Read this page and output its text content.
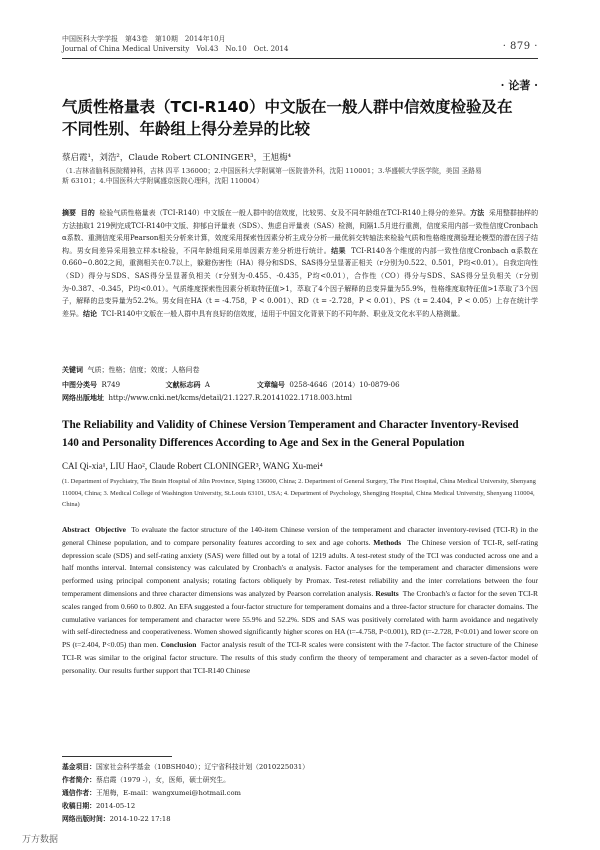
中国医科大学学报　第43卷　第10期　2014年10月
Journal of China Medical University　Vol.43　No.10　Oct. 2014	· 879 ·
· 论著 ·
气质性格量表（TCI-R140）中文版在一般人群中信效度检验及在
不同性别、年龄组上得分差异的比较
蔡启霞¹，刘浩²，Claude Robert CLONINGER³，王旭梅⁴
（1.吉林省脑科医院精神科，吉林 四平 136000；2.中国医科大学附属第一医院普外科，沈阳 110001；3.华盛顿大学医学院，美国 圣路易
斯 63101；4.中国医科大学附属盛京医院心理科，沈阳 110004）
摘要 目的 检验气质性格量表（TCI-R140）中文版在一般人群中的信效度，比较男、女及不同年龄组在TCI-R140上得分的差异。方法 采用整群抽样的方法抽取1 219例完成TCI-R140中文版、抑郁自评量表（SDS）、焦虑自评量表（SAS）检测，间隔1.5月进行重测，信度采用内部一致性信度Cronbach α系数、重测信度采用Pearson相关分析来计算，效度采用探索性因素分析主成分分析一最优斜交转轴法来检验气质和性格维度测验理论模型的潜在因子结构。男女间差异采用独立样本t检验，不同年龄组间采用单因素方差分析进行统计。结果 TCI-R140各个维度的内部一致性信度Cronbach α系数在0.660~0.802之间，重测相关在0.7以上，躲避伤害性（HA）得分和SDS、SAS得分呈显著正相关（r分别为0.522、0.501，P均<0.01）。自我定向性（SD）得分与SDS、SAS得分呈显著负相关（r分别为-0.455、-0.435，P均<0.01），合作性（CO）得分与SDS、SAS得分呈负相关（r分别为-0.387、-0.345，P均<0.01）。气质维度探索性因素分析取特征值>1，萃取了4个因子解释的总变异量为55.9%，性格维度取特征值>1萃取了3个因子，解释的总变异量为52.2%。男女间在HA（t = -4.758，P < 0.001）、RD（t = -2.728，P < 0.01）、PS（t = 2.404，P < 0.05）上存在统计学差异。结论 TCI-R140中文版在一般人群中具有良好的信效度，适用于中国文化背景下的不同年龄、职业及文化水平的人格测量。
关键词 气质；性格；信度；效度；人格问卷
中图分类号 R749	文献标志码 A	文章编号 0258-4646（2014）10-0879-06
网络出版地址 http://www.cnki.net/kcms/detail/21.1227.R.20141022.1718.003.html
The Reliability and Validity of Chinese Version Temperament and Character Inventory-Revised
140 and Personality Differences According to Age and Sex in the General Population
CAI Qi-xia¹, LIU Hao², Claude Robert CLONINGER³, WANG Xu-mei⁴
(1. Department of Psychiatry, The Brain Hospital of Jilin Province, Siping 136000, China; 2. Department of General Surgery, The First Hospital, China Medical University, Shenyang 110004, China; 3. Medical College of Washington University, St.Louis 63101, USA; 4. Department of Psychology, Shengjing Hospital, China Medical University, Shenyang 110004, China)
Abstract Objective To evaluate the factor structure of the 140-item Chinese version of the temperament and character inventory-revised (TCI-R) in the general Chinese population, and to compare personality features according to sex and age cohorts. Methods The Chinese version of TCI-R, self-rating depression scale (SDS) and self-rating anxiety (SAS) were filled out by a total of 1219 adults. A test-retest study of the TCI was conducted across one and a half months interval. Internal consistency was calculated by Cronbach's α analysis. Factor analyses for the temperament and character dimensions were performed using principal component analysis; rotating factors obliquely by Promax. Test-retest reliability and the inter correlations between the four temperament dimensions and three character dimensions was analyzed by Pearson correlation analysis. Results The Cronbach's α factor for the seven TCI-R scales ranged from 0.660 to 0.802. An EFA suggested a four-factor structure for temperament domains and a three-factor structure for character domains. The cumulative variances for temperament and character were 55.9% and 52.2%. SDS and SAS was positively correlated with harm avoidance and negatively with self-directedness and cooperativeness. Women showed significantly higher scores on HA (t=-4.758, P<0.001), RD (t=-2.728, P<0.01) and lower score on PS (t=2.404, P<0.05) than men. Conclusion Factor analysis result of the TCI-R scales were consistent with the 7-factor. The factor structure of the Chinese TCI-R was similar to the original factor structure. The results of this study confirm the theory of temperament and character as a seven-factor model of personality. Our results further support that TCI-R140 Chinese
基金项目：国家社会科学基金（10BSH040）；辽宁省科技计划（2010225031）
作者简介：蔡启霞（1979 -），女，医师，硕士研究生。
通信作者：王旭梅，E-mail：wangxumei@hotmail.com
收稿日期：2014-05-12
网络出版时间：2014-10-22 17:18
万方数据
